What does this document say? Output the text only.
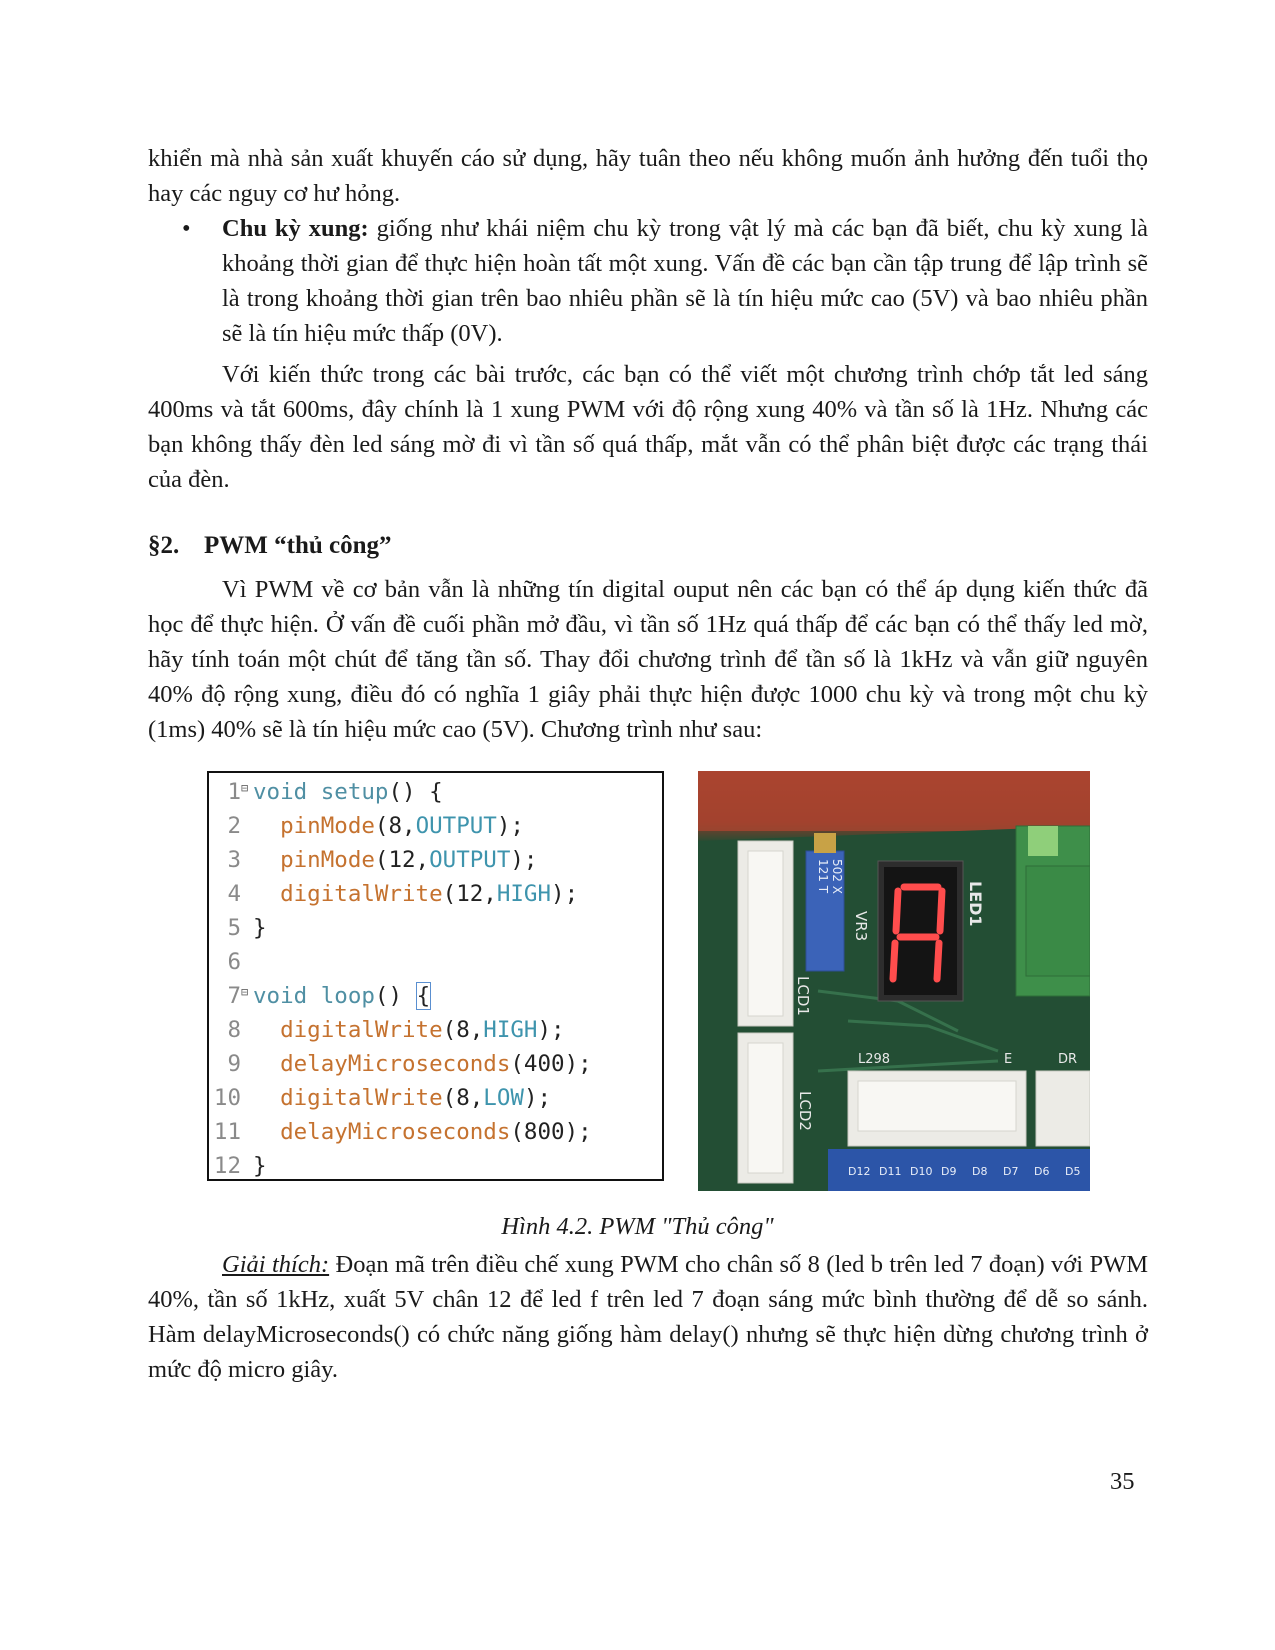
khiển mà nhà sản xuất khuyến cáo sử dụng, hãy tuân theo nếu không muốn ảnh hưởng đến tuổi thọ hay các nguy cơ hư hỏng.

• Chu kỳ xung: giống như khái niệm chu kỳ trong vật lý mà các bạn đã biết, chu kỳ xung là khoảng thời gian để thực hiện hoàn tất một xung. Vấn đề các bạn cần tập trung để lập trình sẽ là trong khoảng thời gian trên bao nhiêu phần sẽ là tín hiệu mức cao (5V) và bao nhiêu phần sẽ là tín hiệu mức thấp (0V).

Với kiến thức trong các bài trước, các bạn có thể viết một chương trình chớp tắt led sáng 400ms và tắt 600ms, đây chính là 1 xung PWM với độ rộng xung 40% và tần số là 1Hz. Nhưng các bạn không thấy đèn led sáng mờ đi vì tần số quá thấp, mắt vẫn có thể phân biệt được các trạng thái của đèn.

§2. PWM “thủ công”

Vì PWM về cơ bản vẫn là những tín digital ouput nên các bạn có thể áp dụng kiến thức đã học để thực hiện. Ở vấn đề cuối phần mở đầu, vì tần số 1Hz quá thấp để các bạn có thể thấy led mờ, hãy tính toán một chút để tăng tần số. Thay đổi chương trình để tần số là 1kHz và vẫn giữ nguyên 40% độ rộng xung, điều đó có nghĩa 1 giây phải thực hiện được 1000 chu kỳ và trong một chu kỳ (1ms) 40% sẽ là tín hiệu mức cao (5V). Chương trình như sau:

1⊟ void setup() {
2 pinMode(8,OUTPUT);
3 pinMode(12,OUTPUT);
4 digitalWrite(12,HIGH);
5 }
6
7⊟ void loop() {
8 digitalWrite(8,HIGH);
9 delayMicroseconds(400);
10 digitalWrite(8,LOW);
11 delayMicroseconds(800);
12 }
121 T 502 X
VR3	LED1
LCD1
LCD2
L298	E	DR
D12 D11 D10 D9 D8 D7 D6 D5
Hình 4.2. PWM "Thủ công"

Giải thích: Đoạn mã trên điều chế xung PWM cho chân số 8 (led b trên led 7 đoạn) với PWM 40%, tần số 1kHz, xuất 5V chân 12 để led f trên led 7 đoạn sáng mức bình thường để dễ so sánh. Hàm delayMicroseconds() có chức năng giống hàm delay() nhưng sẽ thực hiện dừng chương trình ở mức độ micro giây.

35
